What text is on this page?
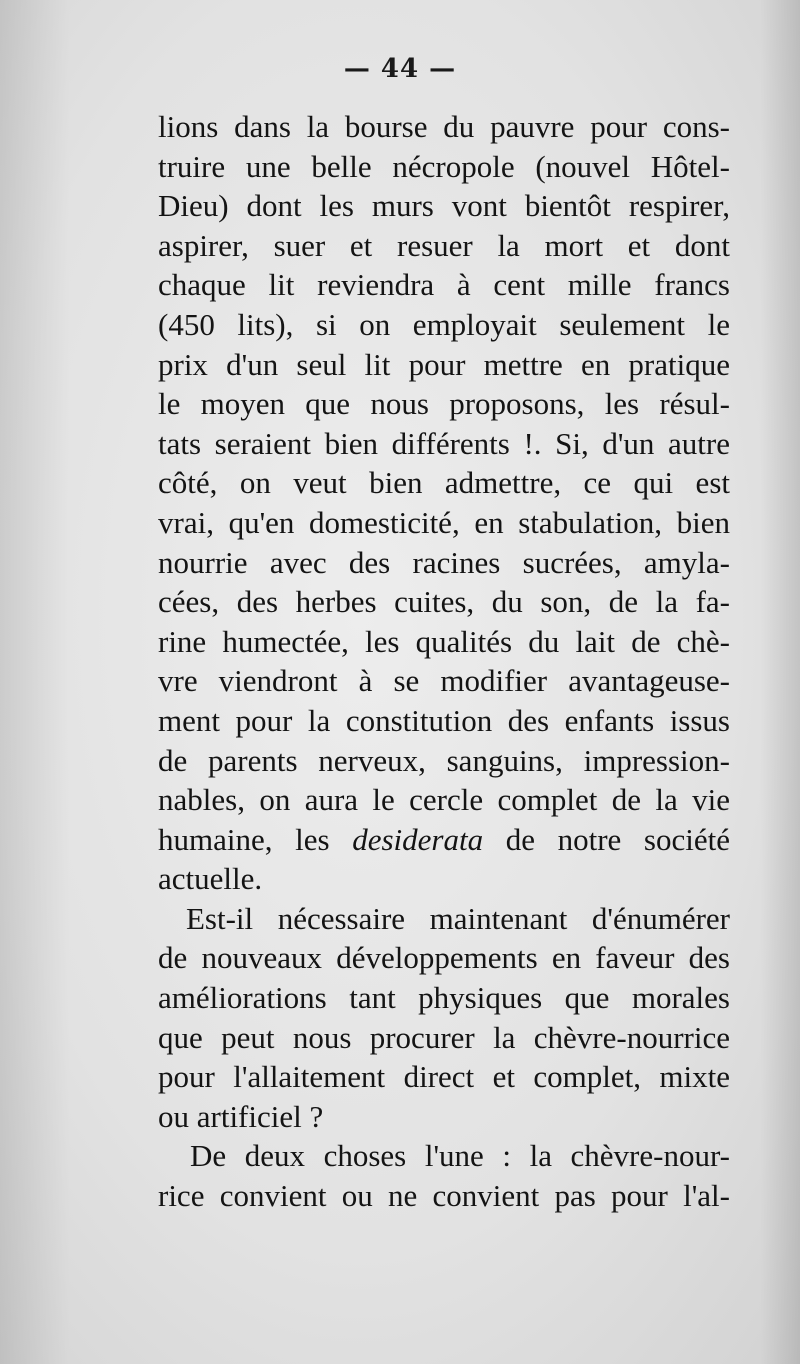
— 44 —
lions dans la bourse du pauvre pour cons-
truire une belle nécropole (nouvel Hôtel-
Dieu) dont les murs vont bientôt respirer,
aspirer, suer et resuer la mort et dont
chaque lit reviendra à cent mille francs
(450 lits), si on employait seulement le
prix d'un seul lit pour mettre en pratique
le moyen que nous proposons, les résul-
tats seraient bien différents !. Si, d'un autre
côté, on veut bien admettre, ce qui est
vrai, qu'en domesticité, en stabulation, bien
nourrie avec des racines sucrées, amyla-
cées, des herbes cuites, du son, de la fa-
rine humectée, les qualités du lait de chè-
vre viendront à se modifier avantageuse-
ment pour la constitution des enfants issus
de parents nerveux, sanguins, impression-
nables, on aura le cercle complet de la vie
humaine, les desiderata de notre société
actuelle.
Est-il nécessaire maintenant d'énumérer
de nouveaux développements en faveur des
améliorations tant physiques que morales
que peut nous procurer la chèvre-nourrice
pour l'allaitement direct et complet, mixte
ou artificiel ?
De deux choses l'une : la chèvre-nour-
rice convient ou ne convient pas pour l'al-
